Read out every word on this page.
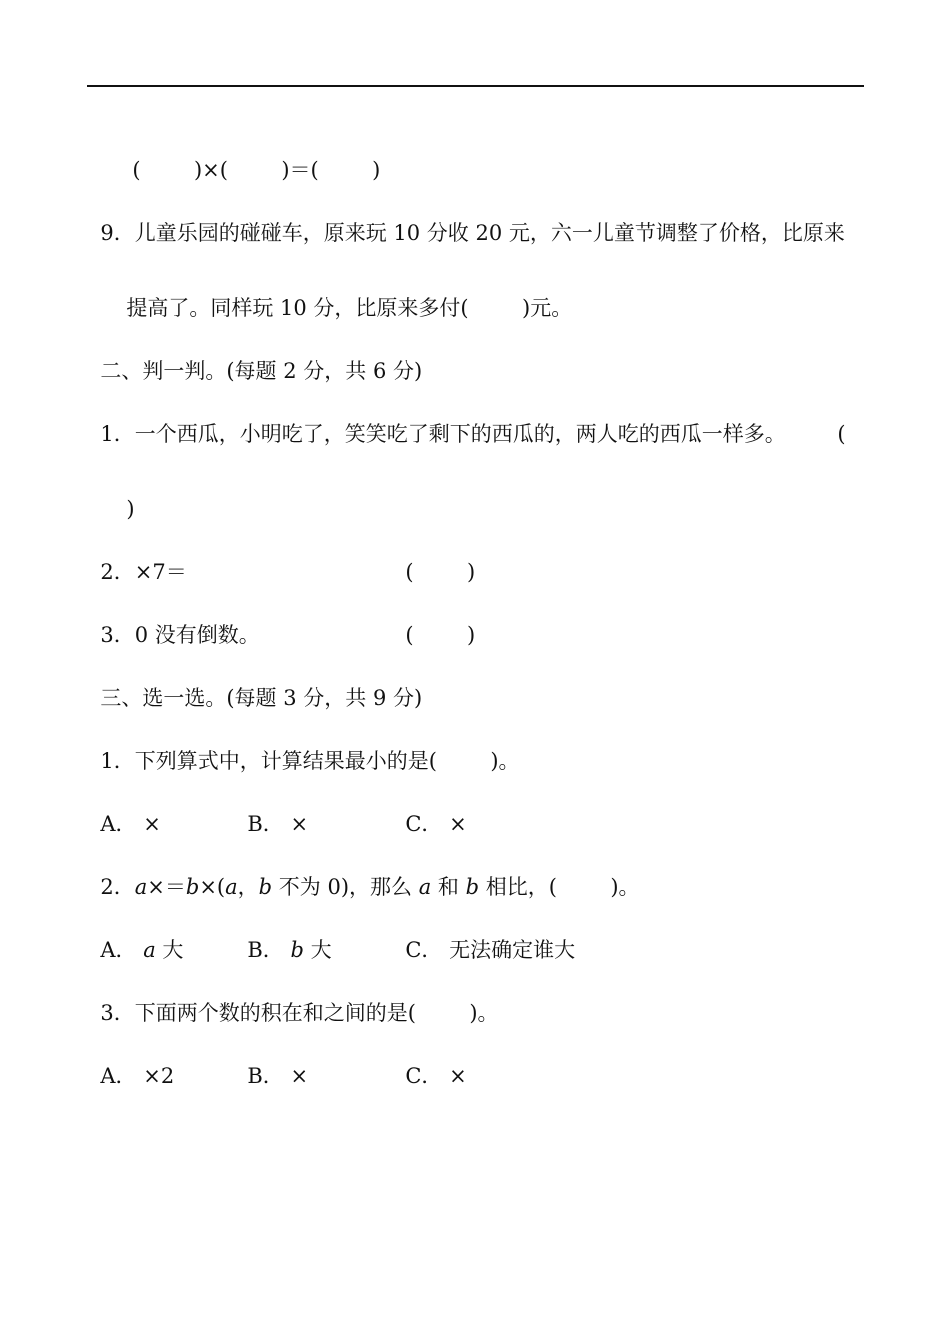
(        )×(        )＝(        )

9．儿童乐园的碰碰车，原来玩 10 分收 20 元，六一儿童节调整了价格，比原来

提高了。同样玩 10 分，比原来多付(        )元。

二、判一判。(每题 2 分，共 6 分)

1．一个西瓜，小明吃了，笑笑吃了剩下的西瓜的，两人吃的西瓜一样多。	(

)

2．×7＝	(        )

3．0 没有倒数。	(        )

三、选一选。(每题 3 分，共 9 分)

1．下列算式中，计算结果最小的是(        )。

A． ×	B． ×	C． ×

2．a×＝b×(a，b 不为 0)，那么 a 和 b 相比，(        )。

A． a 大	B． b 大	C． 无法确定谁大

3．下面两个数的积在和之间的是(        )。

A． ×2	B． ×	C． ×
